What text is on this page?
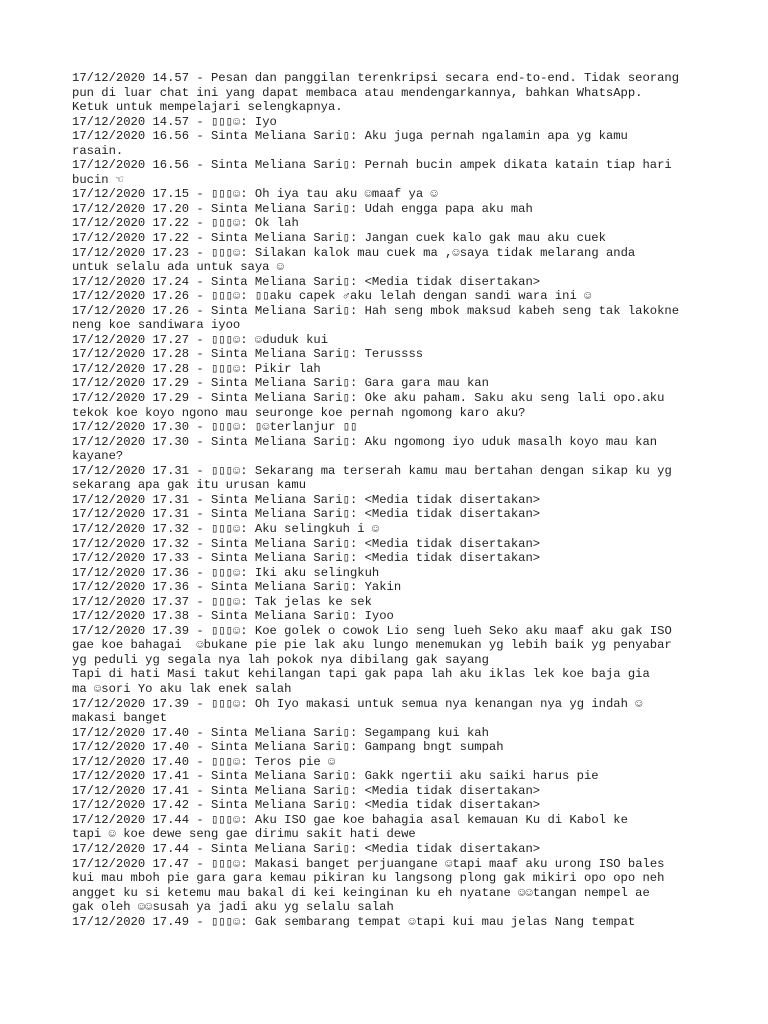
17/12/2020 14.57 - Pesan dan panggilan terenkripsi secara end-to-end. Tidak seorang
pun di luar chat ini yang dapat membaca atau mendengarkannya, bahkan WhatsApp.
Ketuk untuk mempelajari selengkapnya.
17/12/2020 14.57 - ▯▯▯☺: Iyo
17/12/2020 16.56 - Sinta Meliana Sari▯: Aku juga pernah ngalamin apa yg kamu
rasain.
17/12/2020 16.56 - Sinta Meliana Sari▯: Pernah bucin ampek dikata katain tiap hari
bucin ☜
17/12/2020 17.15 - ▯▯▯☺: Oh iya tau aku ☺maaf ya ☺
17/12/2020 17.20 - Sinta Meliana Sari▯: Udah engga papa aku mah
17/12/2020 17.22 - ▯▯▯☺: Ok lah
17/12/2020 17.22 - Sinta Meliana Sari▯: Jangan cuek kalo gak mau aku cuek
17/12/2020 17.23 - ▯▯▯☺: Silakan kalok mau cuek ma ,☺saya tidak melarang anda
untuk selalu ada untuk saya ☺
17/12/2020 17.24 - Sinta Meliana Sari▯: <Media tidak disertakan>
17/12/2020 17.26 - ▯▯▯☺: ▯▯aku capek ♂aku lelah dengan sandi wara ini ☺
17/12/2020 17.26 - Sinta Meliana Sari▯: Hah seng mbok maksud kabeh seng tak lakokne
neng koe sandiwara iyoo
17/12/2020 17.27 - ▯▯▯☺: ☺duduk kui
17/12/2020 17.28 - Sinta Meliana Sari▯: Terussss
17/12/2020 17.28 - ▯▯▯☺: Pikir lah
17/12/2020 17.29 - Sinta Meliana Sari▯: Gara gara mau kan
17/12/2020 17.29 - Sinta Meliana Sari▯: Oke aku paham. Saku aku seng lali opo.aku
tekok koe koyo ngono mau seuronge koe pernah ngomong karo aku?
17/12/2020 17.30 - ▯▯▯☺: ▯☺terlanjur ▯▯
17/12/2020 17.30 - Sinta Meliana Sari▯: Aku ngomong iyo uduk masalh koyo mau kan
kayane?
17/12/2020 17.31 - ▯▯▯☺: Sekarang ma terserah kamu mau bertahan dengan sikap ku yg
sekarang apa gak itu urusan kamu
17/12/2020 17.31 - Sinta Meliana Sari▯: <Media tidak disertakan>
17/12/2020 17.31 - Sinta Meliana Sari▯: <Media tidak disertakan>
17/12/2020 17.32 - ▯▯▯☺: Aku selingkuh i ☺
17/12/2020 17.32 - Sinta Meliana Sari▯: <Media tidak disertakan>
17/12/2020 17.33 - Sinta Meliana Sari▯: <Media tidak disertakan>
17/12/2020 17.36 - ▯▯▯☺: Iki aku selingkuh
17/12/2020 17.36 - Sinta Meliana Sari▯: Yakin
17/12/2020 17.37 - ▯▯▯☺: Tak jelas ke sek
17/12/2020 17.38 - Sinta Meliana Sari▯: Iyoo
17/12/2020 17.39 - ▯▯▯☺: Koe golek o cowok Lio seng lueh Seko aku maaf aku gak ISO
gae koe bahagai  ☺bukane pie pie lak aku lungo menemukan yg lebih baik yg penyabar
yg peduli yg segala nya lah pokok nya dibilang gak sayang
Tapi di hati Masi takut kehilangan tapi gak papa lah aku iklas lek koe baja gia
ma ☺sori Yo aku lak enek salah
17/12/2020 17.39 - ▯▯▯☺: Oh Iyo makasi untuk semua nya kenangan nya yg indah ☺
makasi banget
17/12/2020 17.40 - Sinta Meliana Sari▯: Segampang kui kah
17/12/2020 17.40 - Sinta Meliana Sari▯: Gampang bngt sumpah
17/12/2020 17.40 - ▯▯▯☺: Teros pie ☺
17/12/2020 17.41 - Sinta Meliana Sari▯: Gakk ngertii aku saiki harus pie
17/12/2020 17.41 - Sinta Meliana Sari▯: <Media tidak disertakan>
17/12/2020 17.42 - Sinta Meliana Sari▯: <Media tidak disertakan>
17/12/2020 17.44 - ▯▯▯☺: Aku ISO gae koe bahagia asal kemauan Ku di Kabol ke
tapi ☺ koe dewe seng gae dirimu sakit hati dewe
17/12/2020 17.44 - Sinta Meliana Sari▯: <Media tidak disertakan>
17/12/2020 17.47 - ▯▯▯☺: Makasi banget perjuangane ☺tapi maaf aku urong ISO bales
kui mau mboh pie gara gara kemau pikiran ku langsong plong gak mikiri opo opo neh
angget ku si ketemu mau bakal di kei keinginan ku eh nyatane ☺☺tangan nempel ae
gak oleh ☺☺susah ya jadi aku yg selalu salah
17/12/2020 17.49 - ▯▯▯☺: Gak sembarang tempat ☺tapi kui mau jelas Nang tempat
